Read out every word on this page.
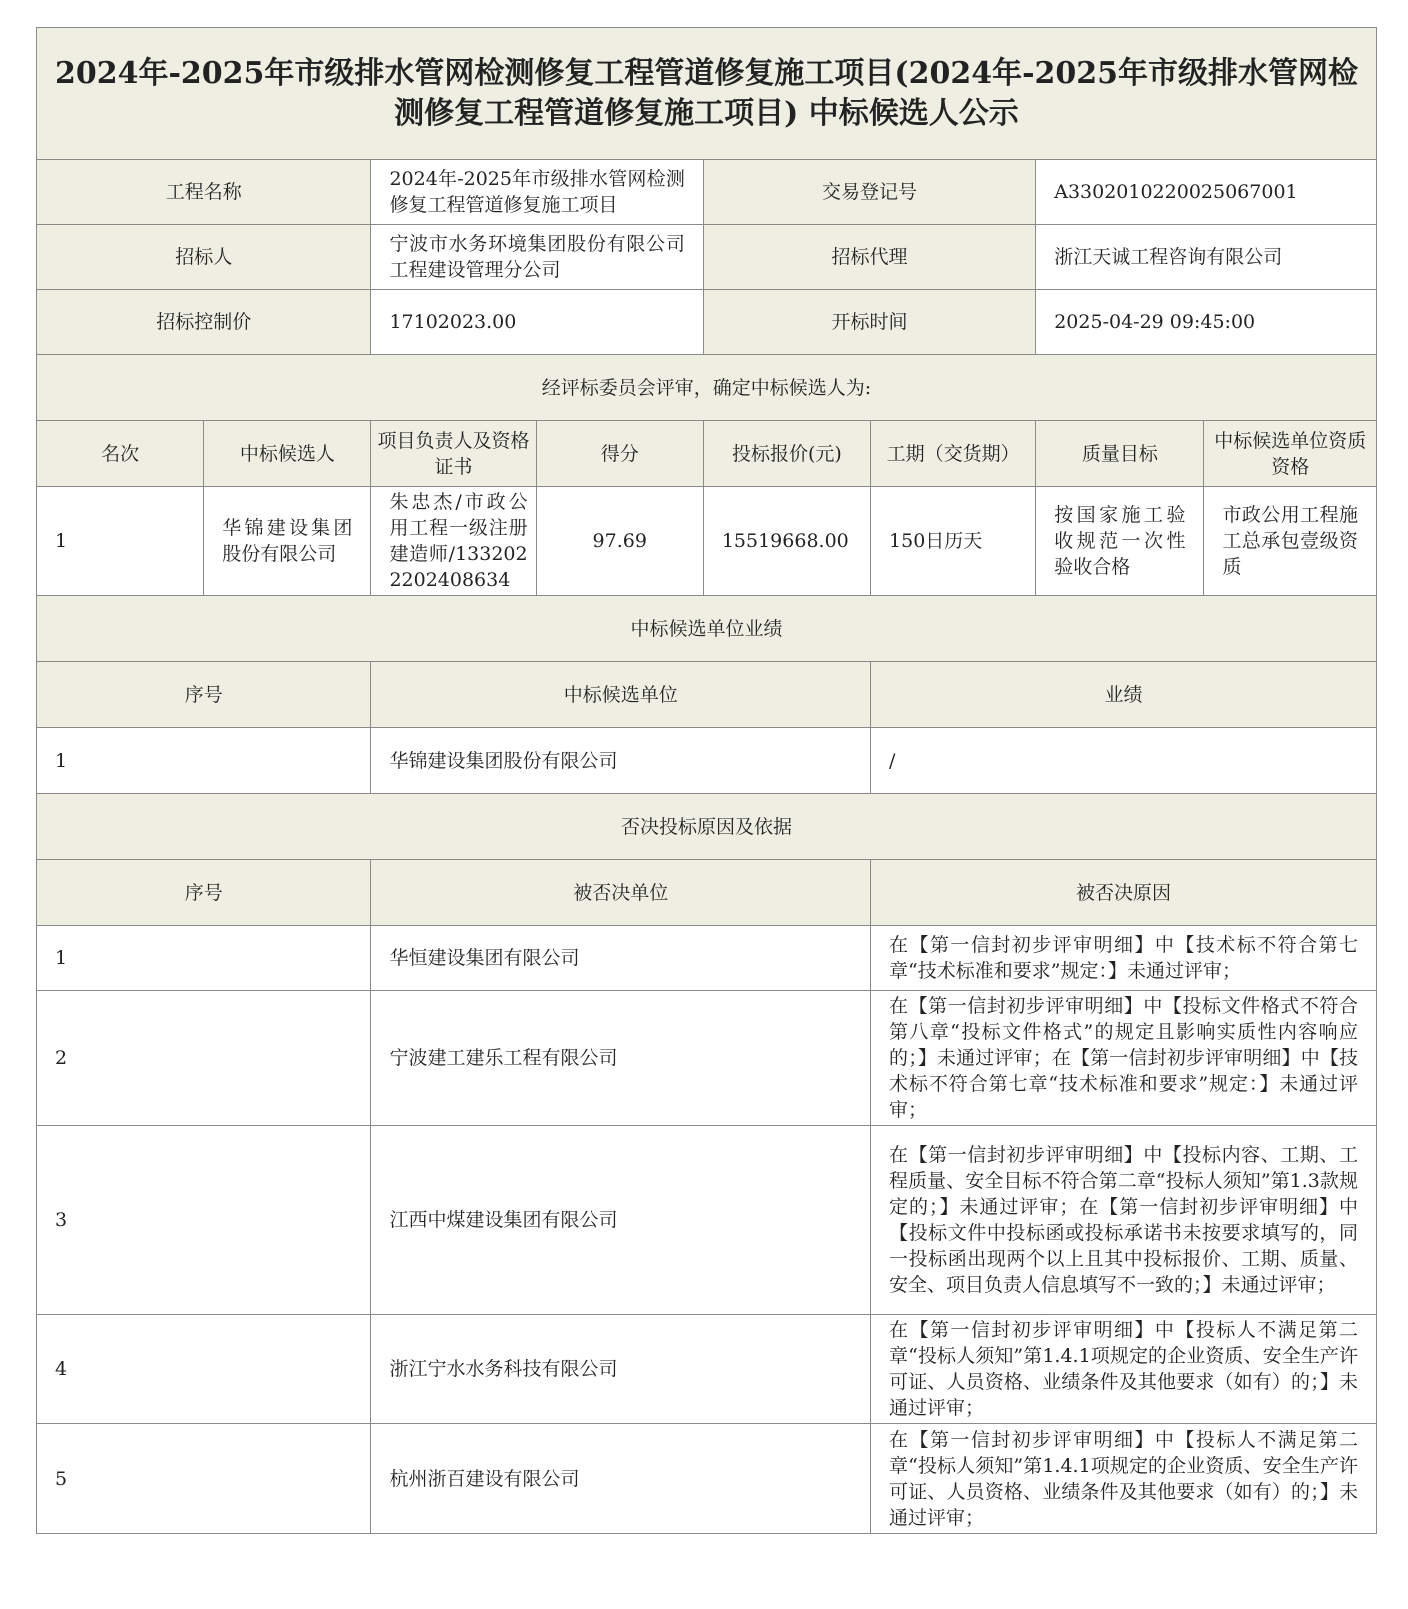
2024年-2025年市级排水管网检测修复工程管道修复施工项目(2024年-2025年市级排水管网检测修复工程管道修复施工项目) 中标候选人公示							
工程名称		2024年-2025年市级排水管网检测修复工程管道修复施工项目		交易登记号		A3302010220025067001	
招标人		宁波市水务环境集团股份有限公司工程建设管理分公司		招标代理		浙江天诚工程咨询有限公司	
招标控制价		17102023.00		开标时间		2025-04-29 09:45:00	
经评标委员会评审，确定中标候选人为:							
名次	中标候选人	项目负责人及资格证书	得分	投标报价(元)	工期（交货期）	质量目标	中标候选单位资质资格
1	华锦建设集团股份有限公司	朱忠杰/市政公用工程一级注册建造师/1332022202408634	97.69	15519668.00	150日历天	按国家施工验收规范一次性验收合格	市政公用工程施工总承包壹级资质
中标候选单位业绩							
序号		中标候选单位			业绩		
1		华锦建设集团股份有限公司			/		
否决投标原因及依据							
序号		被否决单位			被否决原因		
1		华恒建设集团有限公司			在【第一信封初步评审明细】中【技术标不符合第七章“技术标准和要求”规定：】未通过评审；		
2		宁波建工建乐工程有限公司			在【第一信封初步评审明细】中【投标文件格式不符合第八章“投标文件格式”的规定且影响实质性内容响应的；】未通过评审；在【第一信封初步评审明细】中【技术标不符合第七章“技术标准和要求”规定：】未通过评审；		
3		江西中煤建设集团有限公司			在【第一信封初步评审明细】中【投标内容、工期、工程质量、安全目标不符合第二章“投标人须知”第1.3款规定的；】未通过评审；在【第一信封初步评审明细】中【投标文件中投标函或投标承诺书未按要求填写的，同一投标函出现两个以上且其中投标报价、工期、质量、安全、项目负责人信息填写不一致的；】未通过评审；		
4		浙江宁水水务科技有限公司			在【第一信封初步评审明细】中【投标人不满足第二章“投标人须知”第1.4.1项规定的企业资质、安全生产许可证、人员资格、业绩条件及其他要求（如有）的；】未通过评审；		
5		杭州浙百建设有限公司			在【第一信封初步评审明细】中【投标人不满足第二章“投标人须知”第1.4.1项规定的企业资质、安全生产许可证、人员资格、业绩条件及其他要求（如有）的；】未通过评审；		
